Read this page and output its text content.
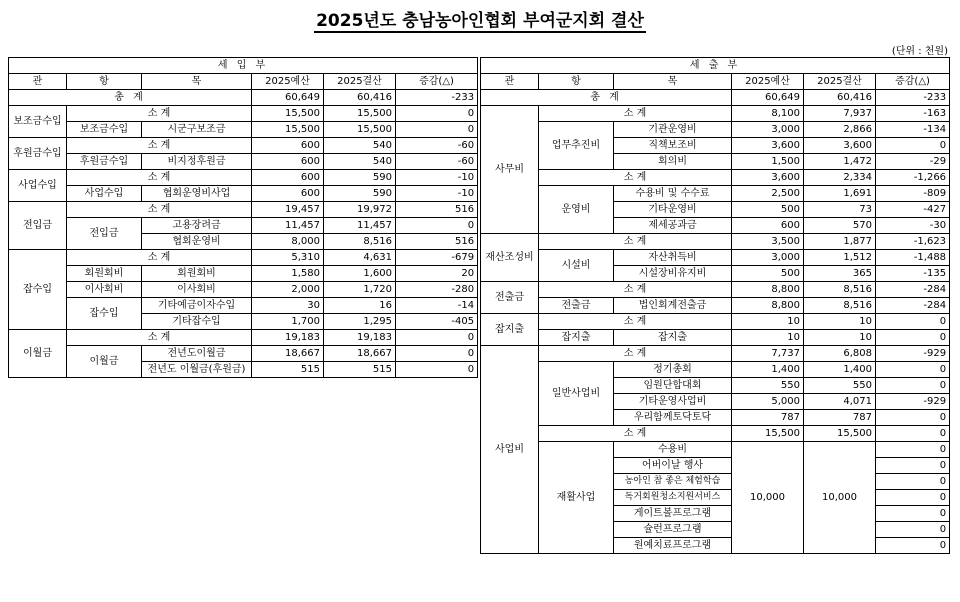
2025년도 충남농아인협회 부여군지회 결산
(단위 : 천원)
세 입 부					
관	항	목	2025예산	2025결산	증감(△)
총 계			60,649	60,416	-233
보조금수입	소 계		15,500	15,500	0
	보조금수입	시군구보조금	15,500	15,500	0
후원금수입	소 계		600	540	-60
	후원금수입	비지정후원금	600	540	-60
사업수입	소 계		600	590	-10
	사업수입	협회운영비사업	600	590	-10
전입금	소 계		19,457	19,972	516
	전입금	고용장려금	11,457	11,457	0
		협회운영비	8,000	8,516	516
잡수입	소 계		5,310	4,631	-679
	회원회비	회원회비	1,580	1,600	20
	이사회비	이사회비	2,000	1,720	-280
	잡수입	기타예금이자수입	30	16	-14
		기타잡수입	1,700	1,295	-405
이월금	소 계		19,183	19,183	0
	이월금	전년도이월금	18,667	18,667	0
		전년도 이월금(후원금)	515	515	0
세 출 부					
관	항	목	2025예산	2025결산	증감(△)
총 계			60,649	60,416	-233
사무비	소 계		8,100	7,937	-163
	업무추진비	기관운영비	3,000	2,866	-134
		직책보조비	3,600	3,600	0
		회의비	1,500	1,472	-29
	소 계		3,600	2,334	-1,266
	운영비	수용비 및 수수료	2,500	1,691	-809
		기타운영비	500	73	-427
		제세공과금	600	570	-30
재산조성비	소 계		3,500	1,877	-1,623
	시설비	자산취득비	3,000	1,512	-1,488
		시설장비유지비	500	365	-135
전출금	소 계		8,800	8,516	-284
	전출금	법인회계전출금	8,800	8,516	-284
잡지출	소 계		10	10	0
	잡지출	잡지출	10	10	0
사업비	소 계		7,737	6,808	-929
	일반사업비	정기총회	1,400	1,400	0
		임원단합대회	550	550	0
		기타운영사업비	5,000	4,071	-929
		우리함께토닥토닥	787	787	0
	소 계		15,500	15,500	0
	재활사업	수용비	10,000	10,000	0
		어버이날 행사			0
		농아인 참 좋은 체험학습			0
		독거회원청소지원서비스			0
		게이트볼프로그램			0
		슐런프로그램			0
		원예치료프로그램			0
